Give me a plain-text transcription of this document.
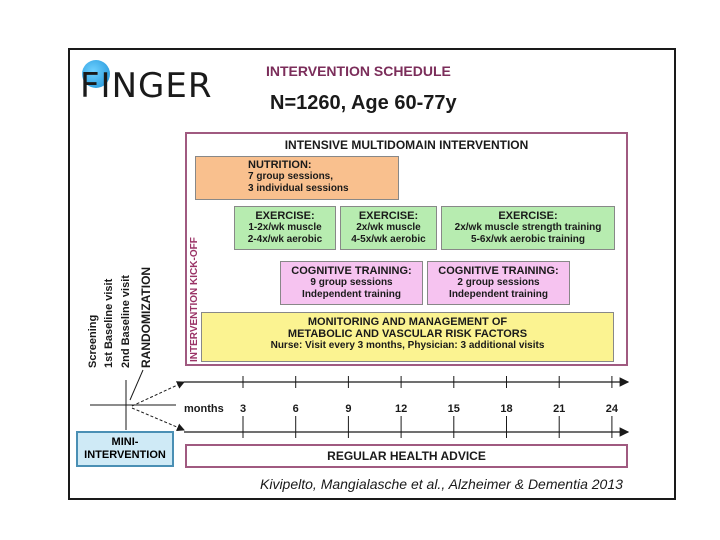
FINGER	INTERVENTION SCHEDULE
N=1260, Age 60-77y
INTENSIVE MULTIDOMAIN INTERVENTION
NUTRITION:
7 group sessions,
3 individual sessions
EXERCISE:
1-2x/wk muscle
2-4x/wk aerobic
EXERCISE:
2x/wk muscle
4-5x/wk aerobic
EXERCISE:
2x/wk muscle strength training
5-6x/wk aerobic training
COGNITIVE TRAINING:
9 group sessions
Independent training
COGNITIVE TRAINING:
2 group sessions
Independent training
MONITORING AND MANAGEMENT OF
METABOLIC AND VASCULAR RISK FACTORS
Nurse: Visit every 3 months, Physician: 3 additional visits
INTERVENTION KICK-OFF
Screening 1st Baseline visit 2nd Baseline visit RANDOMIZATION
months	3	6	9	12	15	18	21	24
MINI-
INTERVENTION	REGULAR HEALTH ADVICE
Kivipelto, Mangialasche et al., Alzheimer & Dementia 2013
